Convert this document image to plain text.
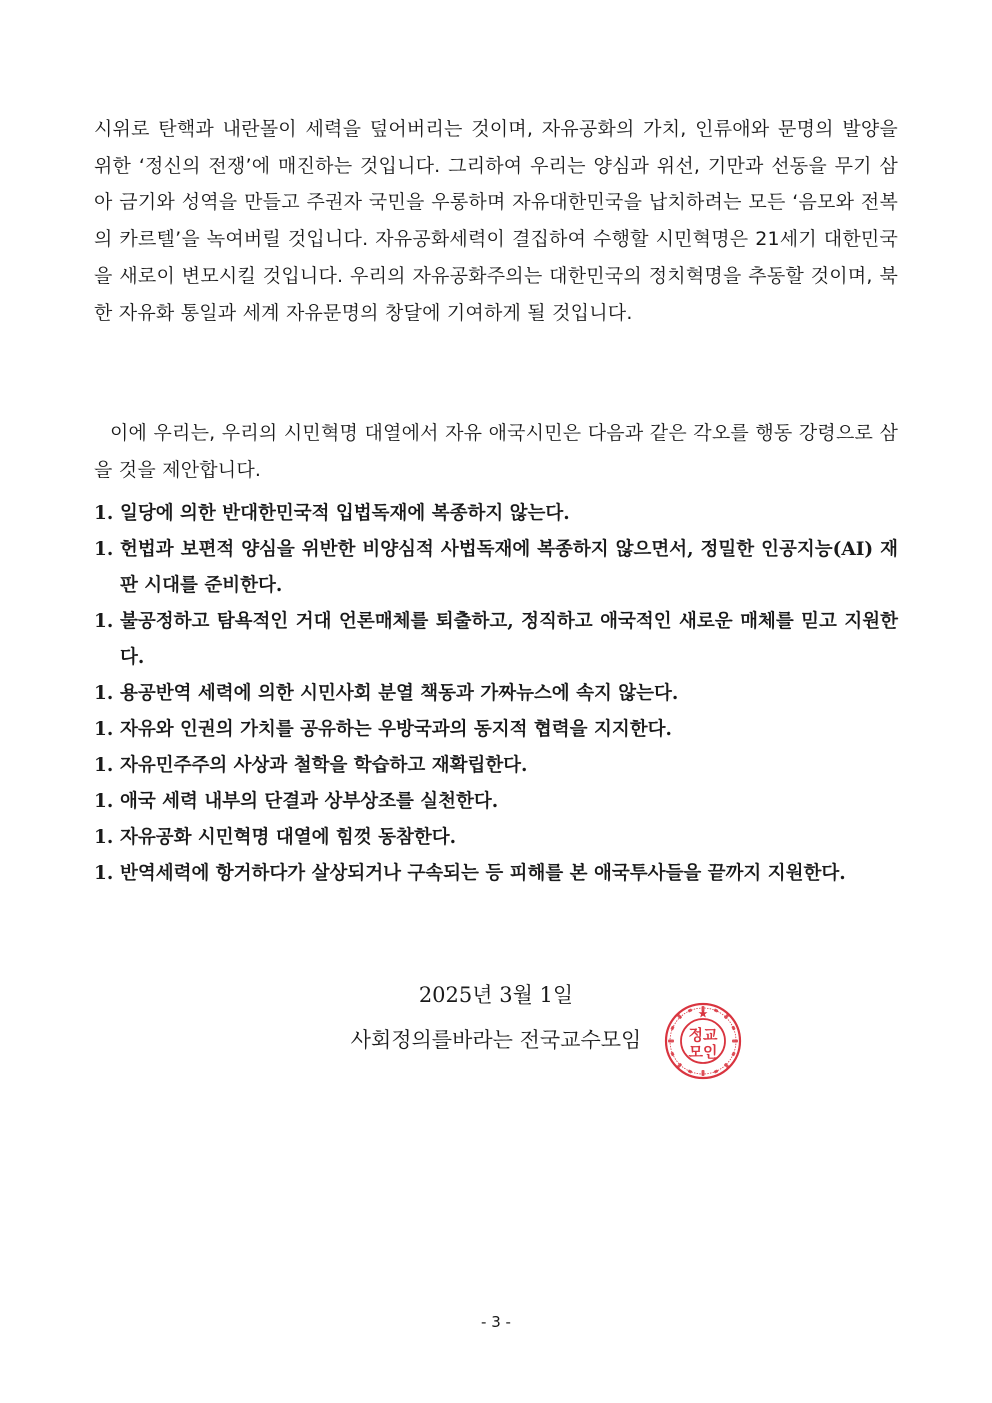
시위로 탄핵과 내란몰이 세력을 덮어버리는 것이며, 자유공화의 가치, 인류애와 문명의 발양을 위한 ‘정신의 전쟁’에 매진하는 것입니다. 그리하여 우리는 양심과 위선, 기만과 선동을 무기 삼아 금기와 성역을 만들고 주권자 국민을 우롱하며 자유대한민국을 납치하려는 모든 ‘음모와 전복의 카르텔’을 녹여버릴 것입니다. 자유공화세력이 결집하여 수행할 시민혁명은 21세기 대한민국을 새로이 변모시킬 것입니다. 우리의 자유공화주의는 대한민국의 정치혁명을 추동할 것이며, 북한 자유화 통일과 세계 자유문명의 창달에 기여하게 될 것입니다.

이에 우리는, 우리의 시민혁명 대열에서 자유 애국시민은 다음과 같은 각오를 행동 강령으로 삼을 것을 제안합니다.

1. 일당에 의한 반대한민국적 입법독재에 복종하지 않는다.
1. 헌법과 보편적 양심을 위반한 비양심적 사법독재에 복종하지 않으면서, 정밀한 인공지능(AI) 재판 시대를 준비한다.
1. 불공정하고 탐욕적인 거대 언론매체를 퇴출하고, 정직하고 애국적인 새로운 매체를 믿고 지원한다.
1. 용공반역 세력에 의한 시민사회 분열 책동과 가짜뉴스에 속지 않는다.
1. 자유와 인권의 가치를 공유하는 우방국과의 동지적 협력을 지지한다.
1. 자유민주주의 사상과 철학을 학습하고 재확립한다.
1. 애국 세력 내부의 단결과 상부상조를 실천한다.
1. 자유공화 시민혁명 대열에 힘껏 동참한다.
1. 반역세력에 항거하다가 살상되거나 구속되는 등 피해를 본 애국투사들을 끝까지 지원한다.
2025년 3월 1일
사회정의를바라는 전국교수모임	정교
모인
- 3 -
